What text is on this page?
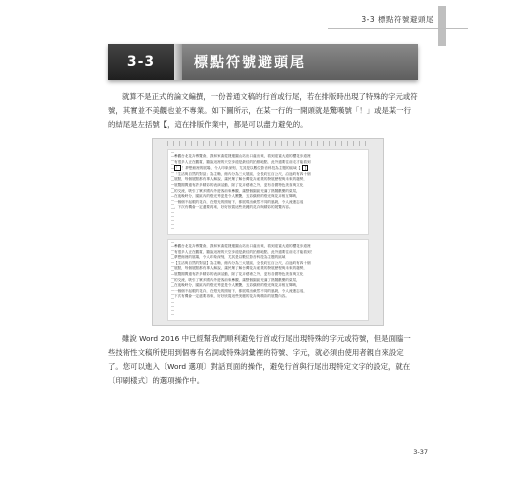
3-3 標點符號避頭尾
3-3	標點符號避頭尾
就算不是正式的論文編撰，一份普通文稿的行首或行尾，若在排版時出現了特殊的字元或符號，其實並不美觀也並不專業。如下圖所示，在某一行的一開頭就是驚嘆號「！」或是某一行的結尾是左括號【，這在排版作業中，都是可以盡力避免的。
參觀台北花卉博覽會，我和家曲從捷運圓山站出口處出來，看到迎賓大道的櫻花步道裡
有很多人正在觀賞，聽說這裡的天空步道是最佳的拍照地點，此外還要往前走才能看到
！ ！夢想館裡的展場，令人印象深刻，尤其是以數位影音科技為主題的區域【 【
「生活與自然的對話」為主軸，館內分為三大展區，全長約五百公尺，沿途約有四十個
展點，每個展點都有專人解說，讓民眾了解台灣花卉產業的發展歷程與未來的趨勢，
展覽期間還有許多精彩的表演活動，除了花卉藝術之外，更有各國特色美食與文化
的交流，吸引了眾多國內外遊客前來參觀，讓整個園區充滿了熱鬧歡樂的氣氛，
在夜晚時分，園區內的燈光秀更是令人驚艷，五彩繽紛的燈光與花卉相互輝映，
一個個不起眼的花卉，在燈光的照射下，都展現出截然不同的風貌，令人流連忘返
，下次有機會一定還要再來，好好欣賞這些美麗的花卉與精彩的展覽內容。
參觀台北花卉博覽會，我和家曲從捷運圓山站出口處出來，看到迎賓大道的櫻花步道裡
有很多人正在觀賞，聽說這裡的天空步道是最佳的拍照地點，此外還要往前走才能看到！
夢想館裡的展場，令人印象深刻，尤其是以數位影音科技為主題的區域
【生活與自然的對話】為主軸，館內分為三大展區，全長約五百公尺，沿途約有四十個
展點，每個展點都有專人解說，讓民眾了解台灣花卉產業的發展歷程與未來的趨勢，
展覽期間還有許多精彩的表演活動，除了花卉藝術之外，更有各國特色美食與文化
的交流，吸引了眾多國內外遊客前來參觀，讓整個園區充滿了熱鬧歡樂的氣氛，
在夜晚時分，園區內的燈光秀更是令人驚艷，五彩繽紛的燈光與花卉相互輝映，
一個個不起眼的花卉，在燈光的照射下，都展現出截然不同的風貌，令人流連忘返，
下次有機會一定還要再來，好好欣賞這些美麗的花卉與精彩的展覽內容。
雖說 Word 2016 中已經幫我們順利避免行首或行尾出現特殊的字元或符號，但是面臨一些技術性文稿所使用到個專有名詞或特殊詞彙裡的符號、字元，就必須由使用者親自來設定了。您可以進入〔Word 選項〕對話頁面的操作，避免行首與行尾出現特定文字的設定，就在〔印刷樣式〕的選項操作中。
3-37
